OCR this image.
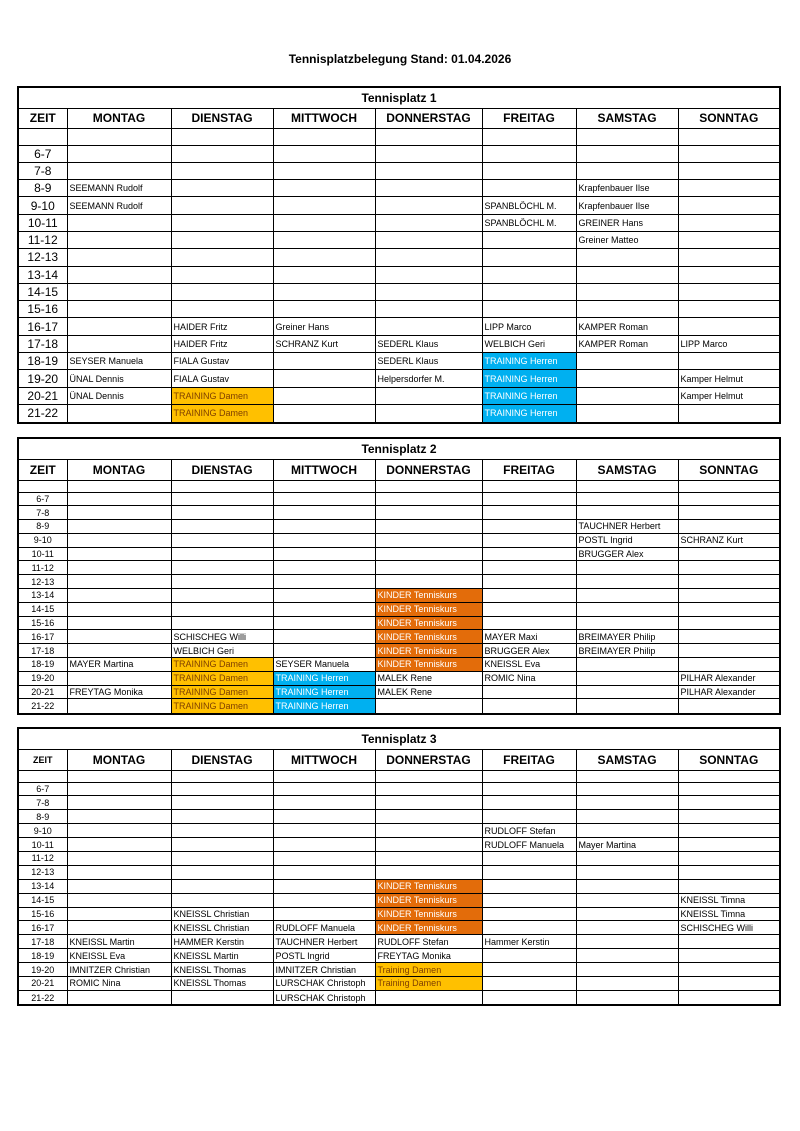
Tennisplatzbelegung Stand: 01.04.2026
Tennisplatz 1
ZEIT	MONTAG	DIENSTAG	MITTWOCH	DONNERSTAG	FREITAG	SAMSTAG	SONNTAG

6-7							
7-8							
8-9	SEEMANN Rudolf					Krapfenbauer Ilse	
9-10	SEEMANN Rudolf				SPANBLÖCHL M.	Krapfenbauer Ilse	
10-11					SPANBLÖCHL M.	GREINER Hans	
11-12						Greiner Matteo	
12-13							
13-14							
14-15							
15-16							
16-17		HAIDER Fritz	Greiner Hans		LIPP Marco	KAMPER Roman	
17-18		HAIDER Fritz	SCHRANZ Kurt	SEDERL Klaus	WELBICH Geri	KAMPER Roman	LIPP Marco
18-19	SEYSER Manuela	FIALA Gustav		SEDERL Klaus	TRAINING Herren		
19-20	ÜNAL Dennis	FIALA Gustav		Helpersdorfer M.	TRAINING Herren		Kamper Helmut
20-21	ÜNAL Dennis	TRAINING Damen			TRAINING Herren		Kamper Helmut
21-22		TRAINING Damen			TRAINING Herren		
Tennisplatz 2
ZEIT	MONTAG	DIENSTAG	MITTWOCH	DONNERSTAG	FREITAG	SAMSTAG	SONNTAG

6-7							
7-8							
8-9						TAUCHNER Herbert	
9-10						POSTL Ingrid	SCHRANZ Kurt
10-11						BRUGGER Alex	
11-12							
12-13							
13-14				KINDER Tenniskurs			
14-15				KINDER Tenniskurs			
15-16				KINDER Tenniskurs			
16-17		SCHISCHEG Willi		KINDER Tenniskurs	MAYER Maxi	BREIMAYER Philip	
17-18		WELBICH Geri		KINDER Tenniskurs	BRUGGER Alex	BREIMAYER Philip	
18-19	MAYER Martina	TRAINING Damen	SEYSER Manuela	KINDER Tenniskurs	KNEISSL Eva		
19-20		TRAINING Damen	TRAINING Herren	MALEK Rene	ROMIC Nina		PILHAR Alexander
20-21	FREYTAG Monika	TRAINING Damen	TRAINING Herren	MALEK Rene			PILHAR Alexander
21-22		TRAINING Damen	TRAINING Herren				
Tennisplatz 3
ZEIT	MONTAG	DIENSTAG	MITTWOCH	DONNERSTAG	FREITAG	SAMSTAG	SONNTAG

6-7							
7-8							
8-9							
9-10					RUDLOFF Stefan		
10-11					RUDLOFF Manuela	Mayer Martina	
11-12							
12-13							
13-14				KINDER Tenniskurs			
14-15				KINDER Tenniskurs			KNEISSL Timna
15-16		KNEISSL Christian		KINDER Tenniskurs			KNEISSL Timna
16-17		KNEISSL Christian	RUDLOFF Manuela	KINDER Tenniskurs			SCHISCHEG Willi
17-18	KNEISSL Martin	HAMMER Kerstin	TAUCHNER Herbert	RUDLOFF Stefan	Hammer Kerstin		
18-19	KNEISSL Eva	KNEISSL Martin	POSTL Ingrid	FREYTAG Monika			
19-20	IMNITZER Christian	KNEISSL Thomas	IMNITZER Christian	Training Damen			
20-21	ROMIC Nina	KNEISSL Thomas	LURSCHAK Christoph	Training Damen			
21-22			LURSCHAK Christoph				
